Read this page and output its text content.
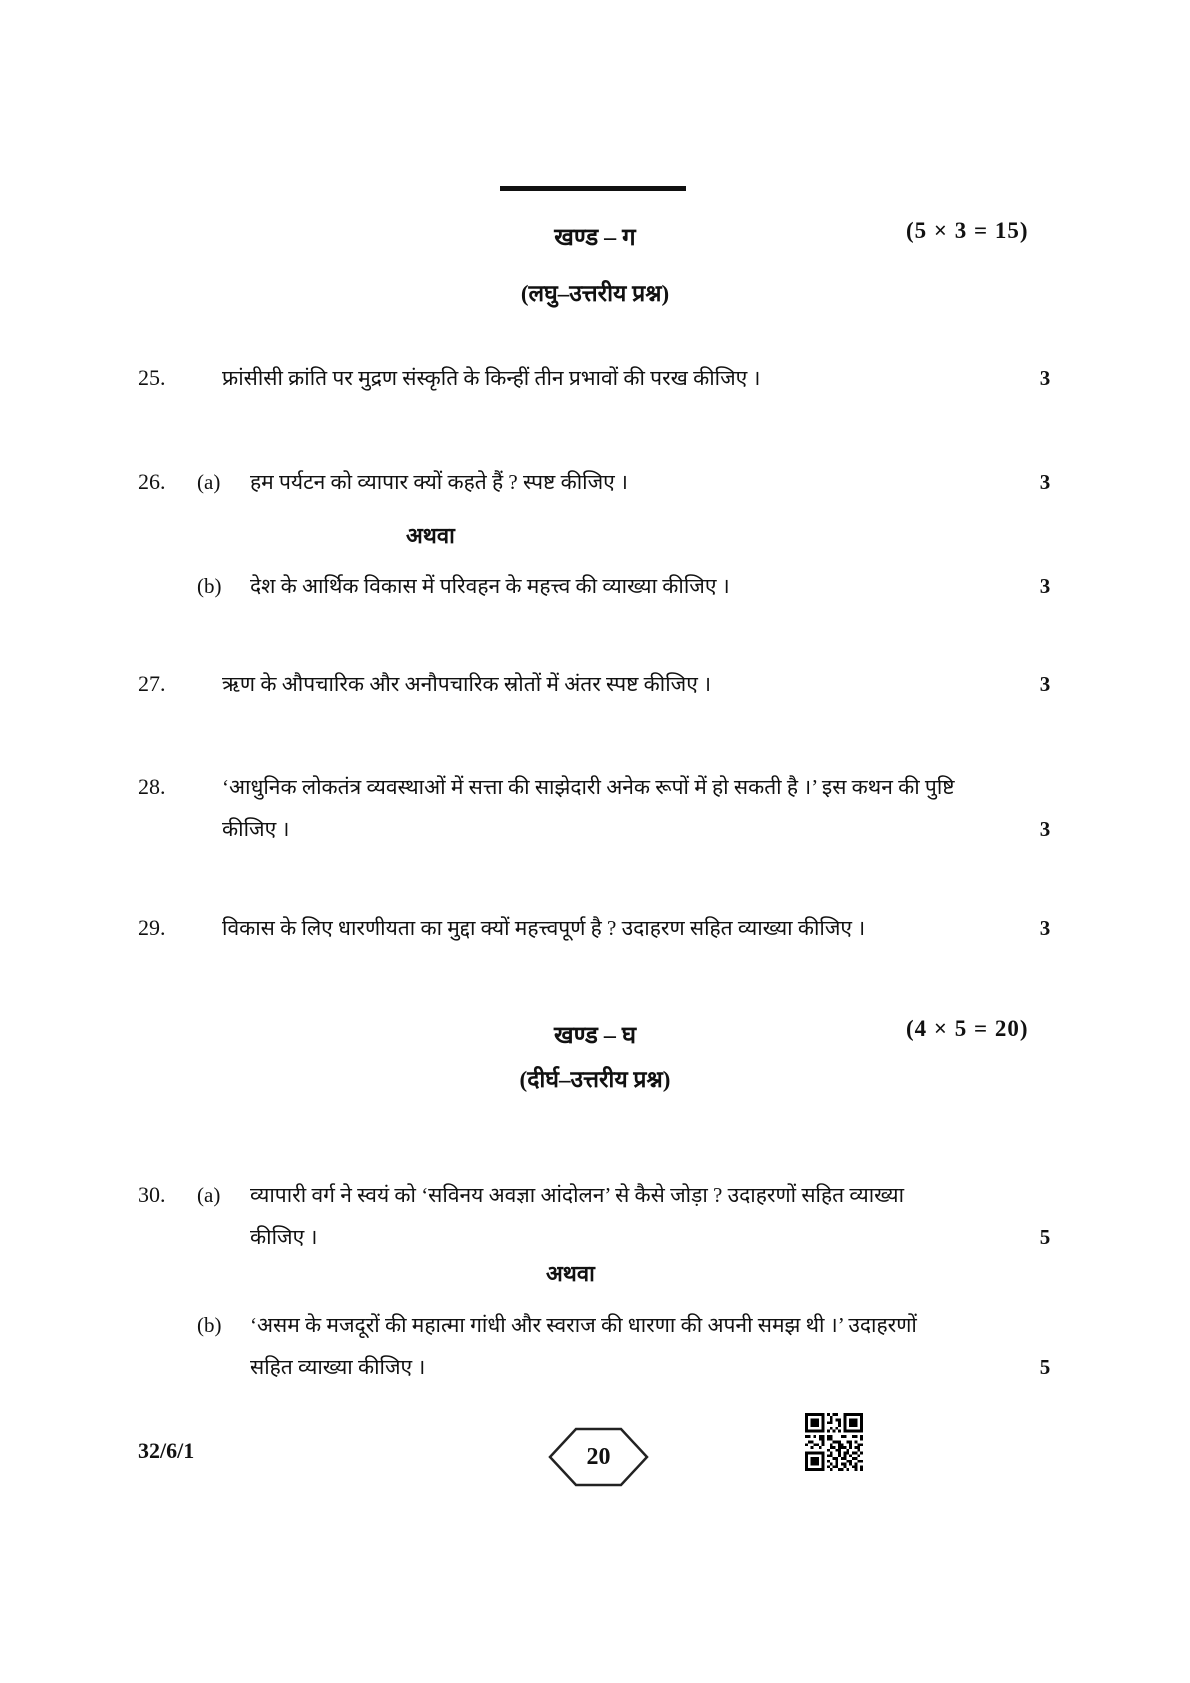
खण्ड – ग	(5 × 3 = 15)
(लघु–उत्तरीय प्रश्न)
25.	फ्रांसीसी क्रांति पर मुद्रण संस्कृति के किन्हीं तीन प्रभावों की परख कीजिए ।	3
26. (a) हम पर्यटन को व्यापार क्यों कहते हैं ? स्पष्ट कीजिए ।	3
अथवा
(b) देश के आर्थिक विकास में परिवहन के महत्त्व की व्याख्या कीजिए ।	3
27.	ऋण के औपचारिक और अनौपचारिक स्रोतों में अंतर स्पष्ट कीजिए ।	3
28.	‘आधुनिक लोकतंत्र व्यवस्थाओं में सत्ता की साझेदारी अनेक रूपों में हो सकती है ।’ इस कथन की पुष्टि
कीजिए ।	3
29.	विकास के लिए धारणीयता का मुद्दा क्यों महत्त्वपूर्ण है ? उदाहरण सहित व्याख्या कीजिए ।	3
खण्ड – घ	(4 × 5 = 20)
(दीर्घ–उत्तरीय प्रश्न)
30. (a) व्यापारी वर्ग ने स्वयं को ‘सविनय अवज्ञा आंदोलन’ से कैसे जोड़ा ? उदाहरणों सहित व्याख्या
कीजिए ।	5
अथवा
(b) ‘असम के मजदूरों की महात्मा गांधी और स्वराज की धारणा की अपनी समझ थी ।’ उदाहरणों
सहित व्याख्या कीजिए ।	5
32/6/1	20
